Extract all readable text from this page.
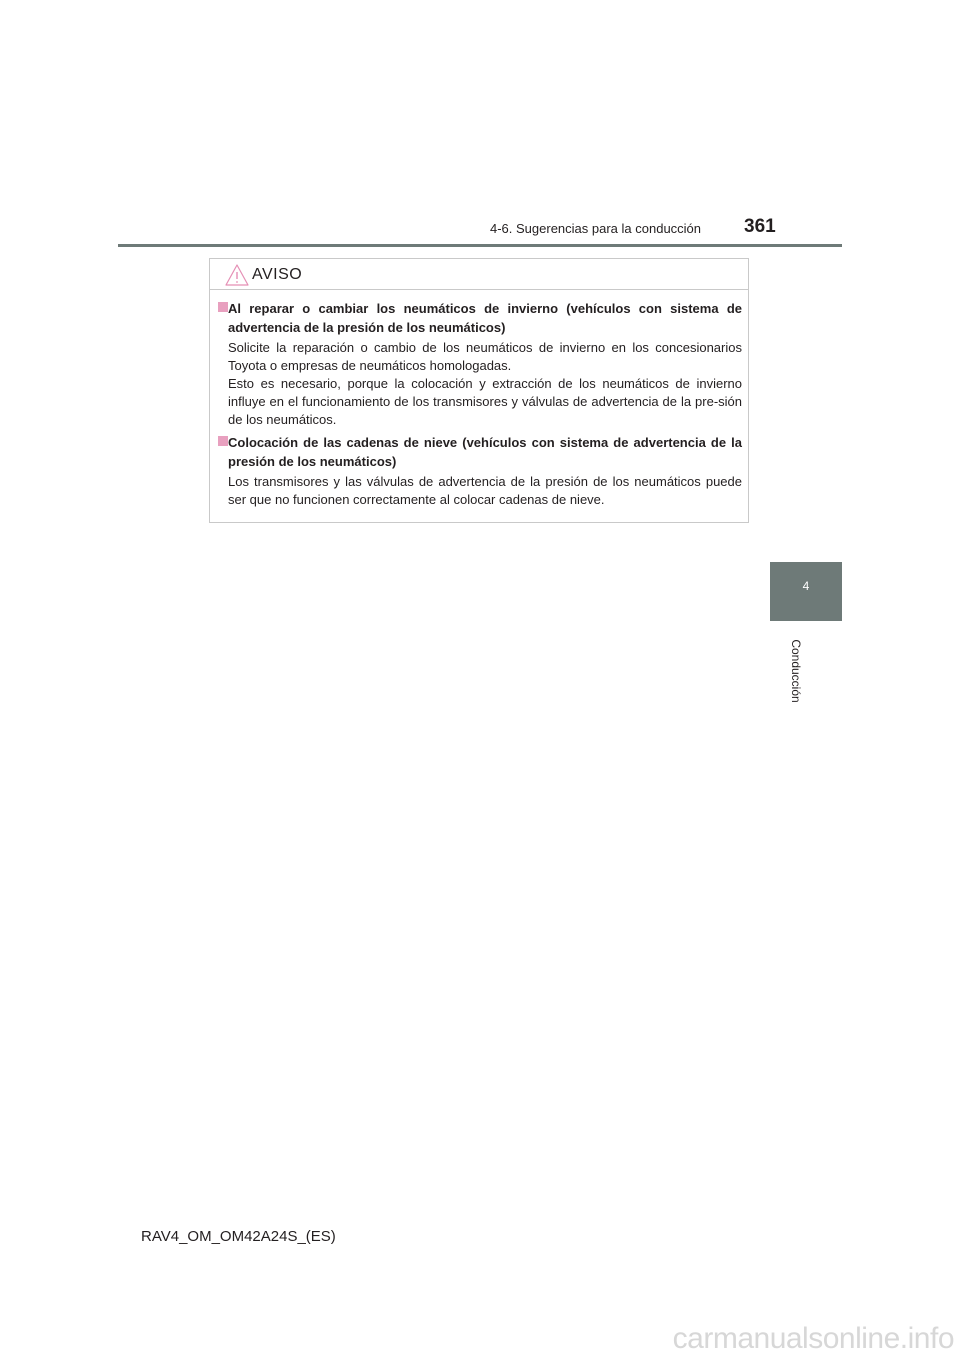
4-6. Sugerencias para la conducción 361
4
Conducción
AVISO
Al reparar o cambiar los neumáticos de invierno (vehículos con sistema de advertencia de la presión de los neumáticos)

Solicite la reparación o cambio de los neumáticos de invierno en los concesionarios Toyota o empresas de neumáticos homologadas.

Esto es necesario, porque la colocación y extracción de los neumáticos de invierno influye en el funcionamiento de los transmisores y válvulas de advertencia de la pre-sión de los neumáticos.

Colocación de las cadenas de nieve (vehículos con sistema de advertencia de la presión de los neumáticos)

Los transmisores y las válvulas de advertencia de la presión de los neumáticos puede ser que no funcionen correctamente al colocar cadenas de nieve.

RAV4_OM_OM42A24S_(ES)
carmanualsonline.info
